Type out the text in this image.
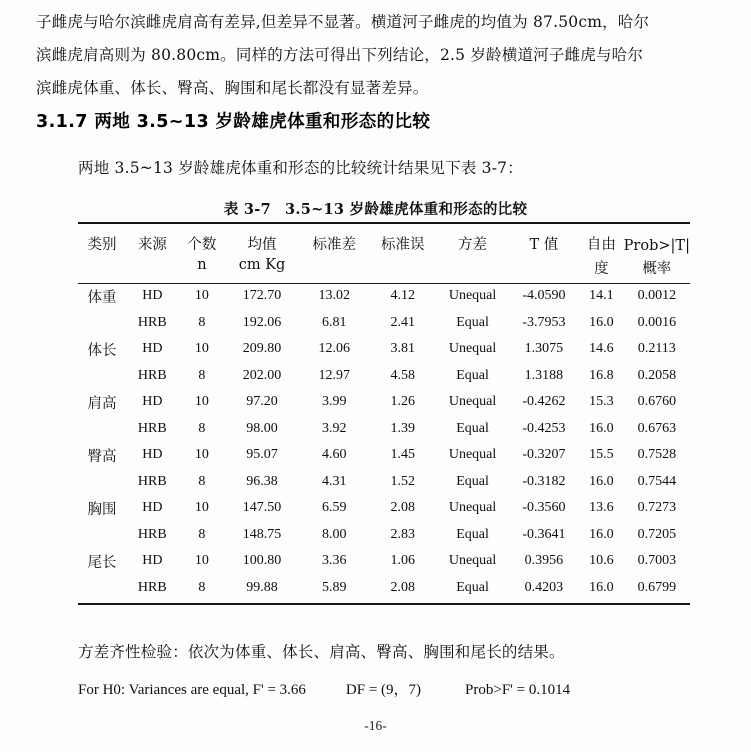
子雌虎与哈尔滨雌虎肩高有差异,但差异不显著。横道河子雌虎的均值为 87.50cm，哈尔
滨雌虎肩高则为 80.80cm。同样的方法可得出下列结论，2.5 岁龄横道河子雌虎与哈尔
滨雌虎体重、体长、臀高、胸围和尾长都没有显著差异。
3.1.7 两地 3.5~13 岁龄雄虎体重和形态的比较
两地 3.5~13 岁龄雄虎体重和形态的比较统计结果见下表 3-7：
表 3-7 3.5~13 岁龄雄虎体重和形态的比较
类别	来源	个数	均值	标准差	标准误	方差	T 值	自由	Prob>|T|
		n	cm Kg					度	概率
体重	HD	10	172.70	13.02	4.12	Unequal	-4.0590	14.1	0.0012
	HRB	8	192.06	6.81	2.41	Equal	-3.7953	16.0	0.0016
体长	HD	10	209.80	12.06	3.81	Unequal	1.3075	14.6	0.2113
	HRB	8	202.00	12.97	4.58	Equal	1.3188	16.8	0.2058
肩高	HD	10	97.20	3.99	1.26	Unequal	-0.4262	15.3	0.6760
	HRB	8	98.00	3.92	1.39	Equal	-0.4253	16.0	0.6763
臀高	HD	10	95.07	4.60	1.45	Unequal	-0.3207	15.5	0.7528
	HRB	8	96.38	4.31	1.52	Equal	-0.3182	16.0	0.7544
胸围	HD	10	147.50	6.59	2.08	Unequal	-0.3560	13.6	0.7273
	HRB	8	148.75	8.00	2.83	Equal	-0.3641	16.0	0.7205
尾长	HD	10	100.80	3.36	1.06	Unequal	0.3956	10.6	0.7003
	HRB	8	99.88	5.89	2.08	Equal	0.4203	16.0	0.6799
方差齐性检验：依次为体重、体长、肩高、臀高、胸围和尾长的结果。
For H0: Variances are equal, F' = 3.66	DF = (9，7)	Prob>F' = 0.1014
-16-
